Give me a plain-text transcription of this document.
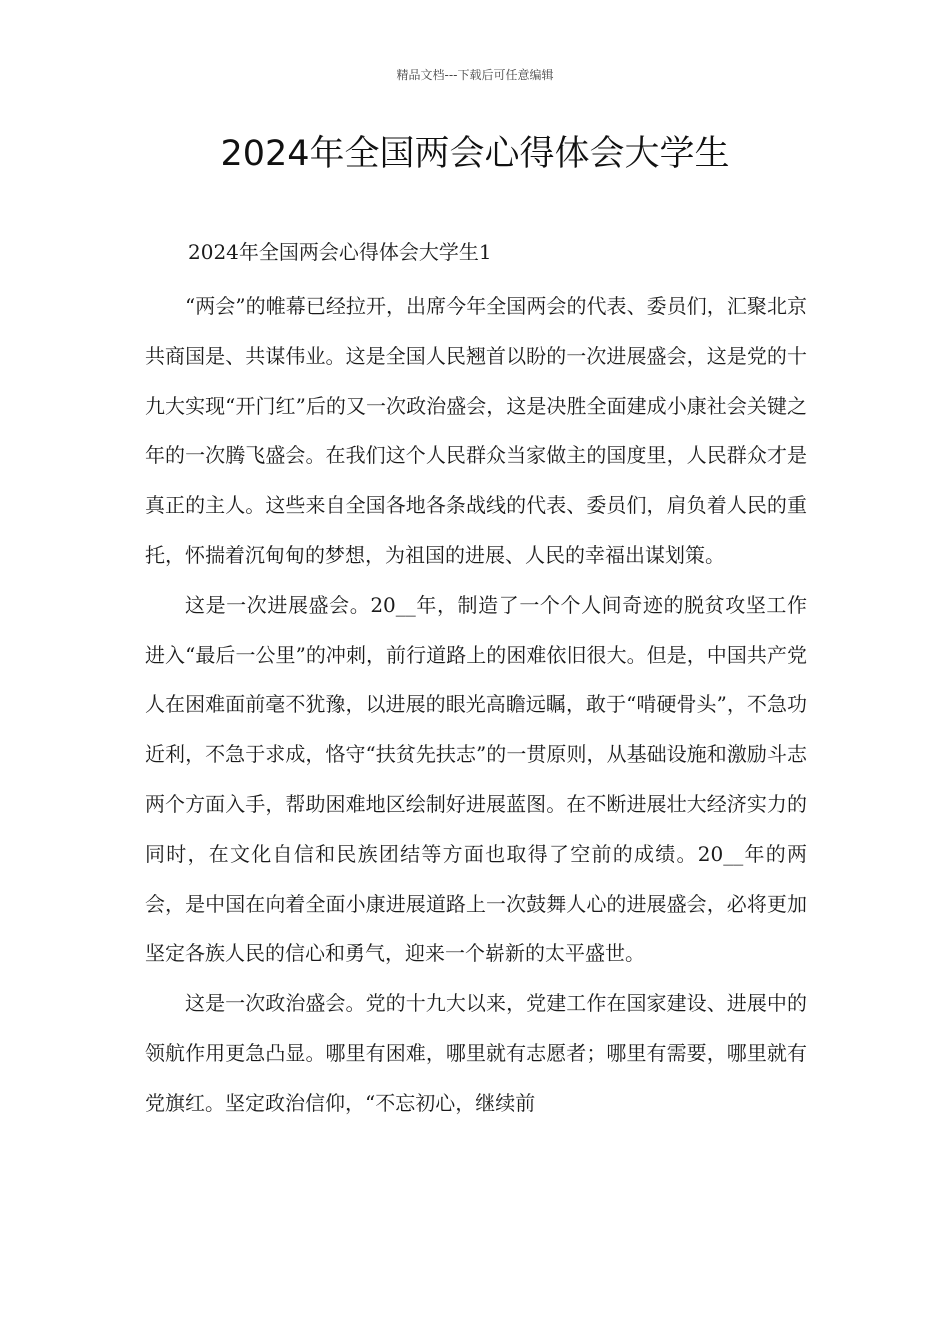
精品文档---下载后可任意编辑
2024年全国两会心得体会大学生
2024年全国两会心得体会大学生1

“两会”的帷幕已经拉开，出席今年全国两会的代表、委员们，汇聚北京共商国是、共谋伟业。这是全国人民翘首以盼的一次进展盛会，这是党的十九大实现“开门红”后的又一次政治盛会，这是决胜全面建成小康社会关键之年的一次腾飞盛会。在我们这个人民群众当家做主的国度里，人民群众才是真正的主人。这些来自全国各地各条战线的代表、委员们，肩负着人民的重托，怀揣着沉甸甸的梦想，为祖国的进展、人民的幸福出谋划策。

这是一次进展盛会。20__年，制造了一个个人间奇迹的脱贫攻坚工作进入“最后一公里”的冲刺，前行道路上的困难依旧很大。但是，中国共产党人在困难面前毫不犹豫，以进展的眼光高瞻远瞩，敢于“啃硬骨头”，不急功近利，不急于求成，恪守“扶贫先扶志”的一贯原则，从基础设施和激励斗志两个方面入手，帮助困难地区绘制好进展蓝图。在不断进展壮大经济实力的同时，在文化自信和民族团结等方面也取得了空前的成绩。20__年的两会，是中国在向着全面小康进展道路上一次鼓舞人心的进展盛会，必将更加坚定各族人民的信心和勇气，迎来一个崭新的太平盛世。

这是一次政治盛会。党的十九大以来，党建工作在国家建设、进展中的领航作用更急凸显。哪里有困难，哪里就有志愿者；哪里有需要，哪里就有党旗红。坚定政治信仰，“不忘初心，继续前
